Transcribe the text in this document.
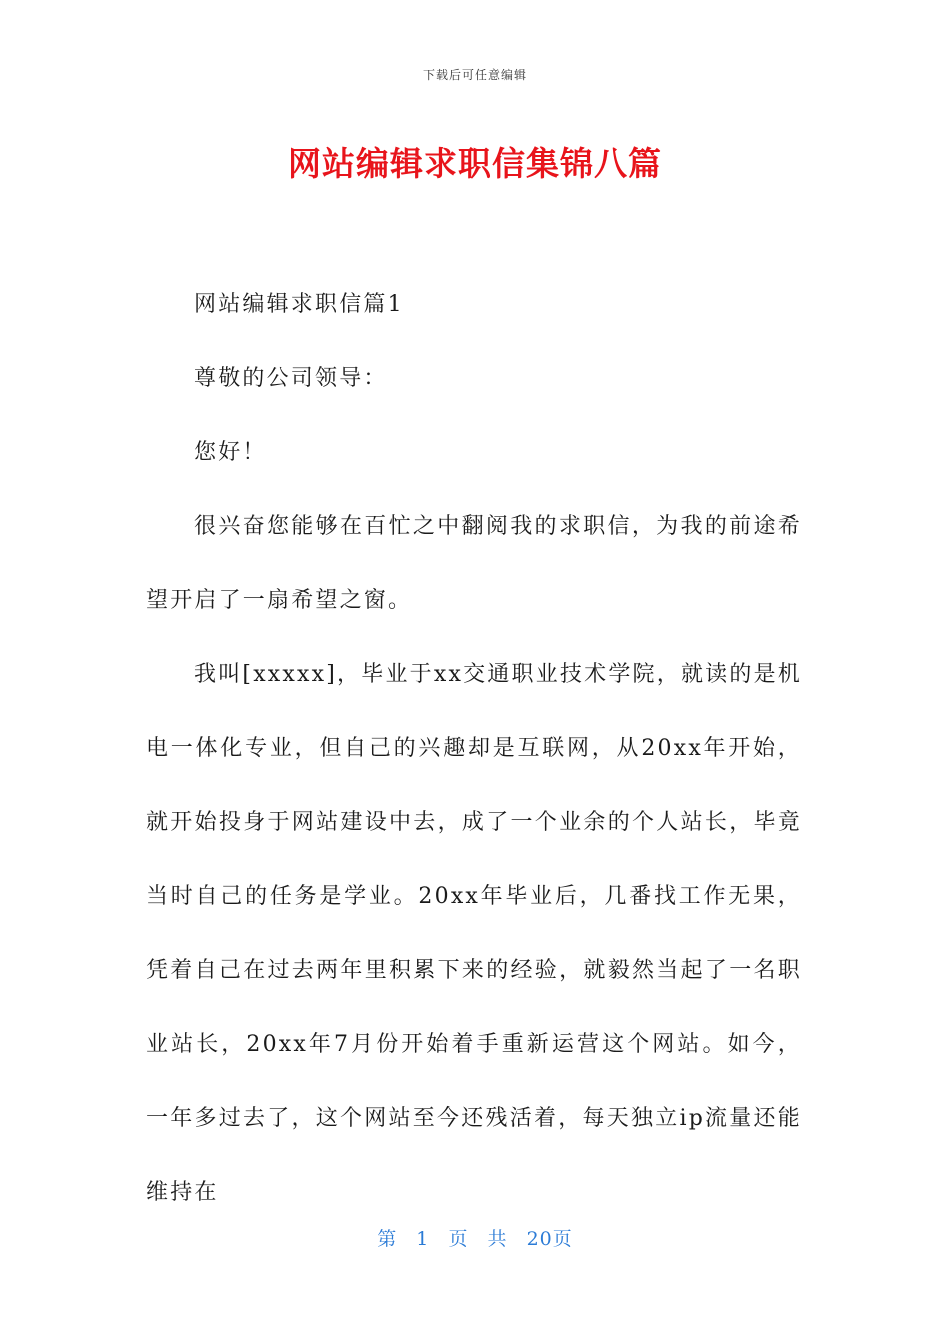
下载后可任意编辑
网站编辑求职信集锦八篇

网站编辑求职信篇1

尊敬的公司领导：

您好！

很兴奋您能够在百忙之中翻阅我的求职信，为我的前途希望开启了一扇希望之窗。

我叫[xxxxx]，毕业于xx交通职业技术学院，就读的是机电一体化专业，但自己的兴趣却是互联网，从20xx年开始，就开始投身于网站建设中去，成了一个业余的个人站长，毕竟当时自己的任务是学业。20xx年毕业后，几番找工作无果，凭着自己在过去两年里积累下来的经验，就毅然当起了一名职业站长，20xx年7月份开始着手重新运营这个网站。如今，一年多过去了，这个网站至今还残活着，每天独立ip流量还能维持在

第 1 页 共 20页
